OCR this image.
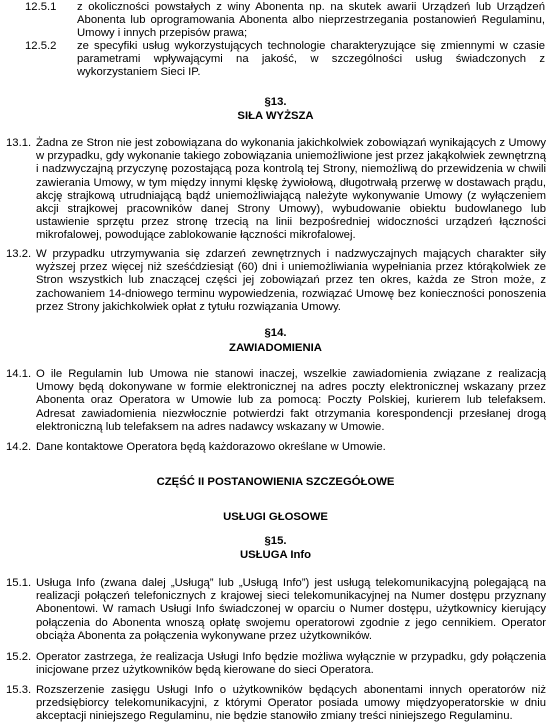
12.5.1 z okoliczności powstałych z winy Abonenta np. na skutek awarii Urządzeń lub Urządzeń Abonenta lub oprogramowania Abonenta albo nieprzestrzegania postanowień Regulaminu, Umowy i innych przepisów prawa;
12.5.2 ze specyfiki usług wykorzystujących technologie charakteryzujące się zmiennymi w czasie parametrami wpływającymi na jakość, w szczególności usług świadczonych z wykorzystaniem Sieci IP.
§13.
SIŁA WYŻSZA
13.1. Żadna ze Stron nie jest zobowiązana do wykonania jakichkolwiek zobowiązań wynikających z Umowy w przypadku, gdy wykonanie takiego zobowiązania uniemożliwione jest przez jakąkolwiek zewnętrzną i nadzwyczajną przyczynę pozostającą poza kontrolą tej Strony, niemożliwą do przewidzenia w chwili zawierania Umowy, w tym między innymi klęskę żywiołową, długotrwałą przerwę w dostawach prądu, akcję strajkową utrudniającą bądź uniemożliwiającą należyte wykonywanie Umowy (z wyłączeniem akcji strajkowej pracowników danej Strony Umowy), wybudowanie obiektu budowlanego lub ustawienie sprzętu przez stronę trzecią na linii bezpośredniej widoczności urządzeń łączności mikrofalowej, powodujące zablokowanie łączności mikrofalowej.
13.2. W przypadku utrzymywania się zdarzeń zewnętrznych i nadzwyczajnych mających charakter siły wyższej przez więcej niż sześćdziesiąt (60) dni i uniemożliwiania wypełniania przez którąkolwiek ze Stron wszystkich lub znaczącej części jej zobowiązań przez ten okres, każda ze Stron może, z zachowaniem 14-dniowego terminu wypowiedzenia, rozwiązać Umowę bez konieczności ponoszenia przez Strony jakichkolwiek opłat z tytułu rozwiązania Umowy.
§14.
ZAWIADOMIENIA
14.1. O ile Regulamin lub Umowa nie stanowi inaczej, wszelkie zawiadomienia związane z realizacją Umowy będą dokonywane w formie elektronicznej na adres poczty elektronicznej wskazany przez Abonenta oraz Operatora w Umowie lub za pomocą: Poczty Polskiej, kurierem lub telefaksem. Adresat zawiadomienia niezwłocznie potwierdzi fakt otrzymania korespondencji przesłanej drogą elektroniczną lub telefaksem na adres nadawcy wskazany w Umowie.
14.2. Dane kontaktowe Operatora będą każdorazowo określane w Umowie.
CZĘŚĆ II POSTANOWIENIA SZCZEGÓŁOWE
USŁUGI GŁOSOWE
§15.
USŁUGA Info
15.1. Usługa Info (zwana dalej „Usługą” lub „Usługą Info”) jest usługą telekomunikacyjną polegającą na realizacji połączeń telefonicznych z krajowej sieci telekomunikacyjnej na Numer dostępu przyznany Abonentowi. W ramach Usługi Info świadczonej w oparciu o Numer dostępu, użytkownicy kierujący połączenia do Abonenta wnoszą opłatę swojemu operatorowi zgodnie z jego cennikiem. Operator obciąża Abonenta za połączenia wykonywane przez użytkowników.
15.2. Operator zastrzega, że realizacja Usługi Info będzie możliwa wyłącznie w przypadku, gdy połączenia inicjowane przez użytkowników będą kierowane do sieci Operatora.
15.3. Rozszerzenie zasięgu Usługi Info o użytkowników będących abonentami innych operatorów niż przedsiębiorcy telekomunikacyjni, z którymi Operator posiada umowy międzyoperatorskie w dniu akceptacji niniejszego Regulaminu, nie będzie stanowiło zmiany treści niniejszego Regulaminu.
